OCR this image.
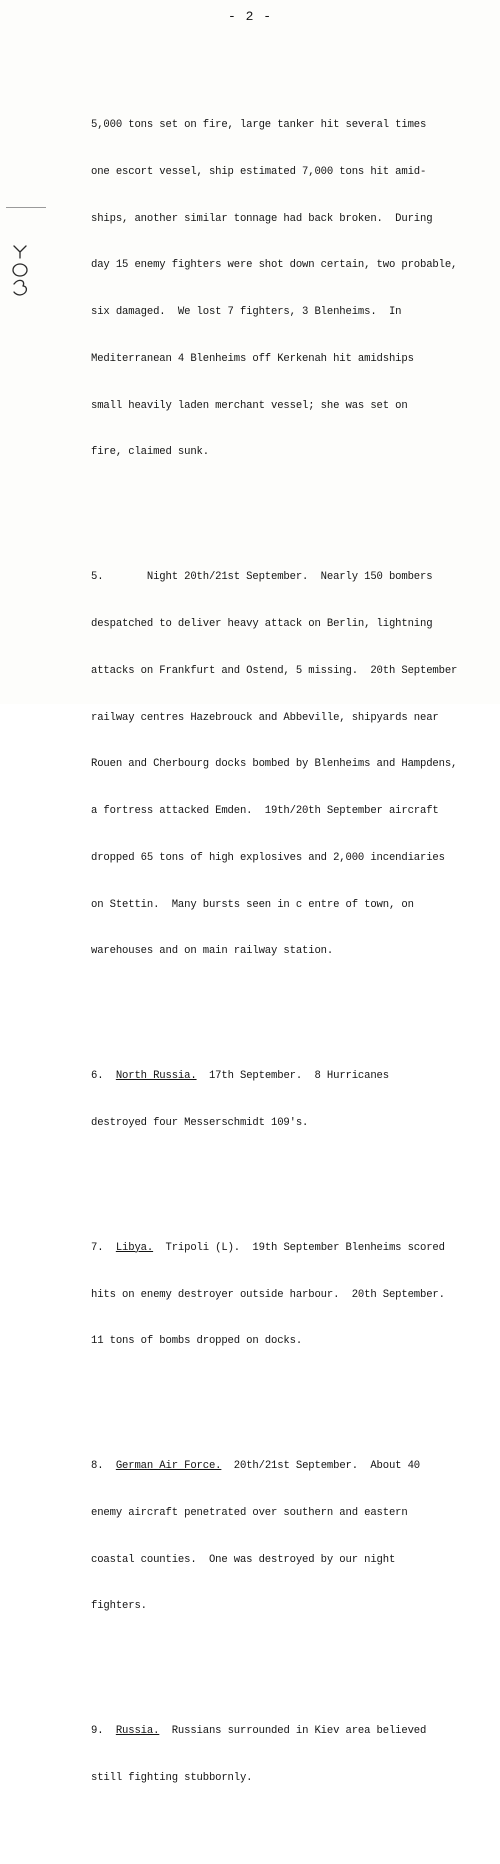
- 2 -

5,000 tons set on fire, large tanker hit several times

one escort vessel, ship estimated 7,000 tons hit amid-

ships, another similar tonnage had back broken.  During

day 15 enemy fighters were shot down certain, two probable,

six damaged.  We lost 7 fighters, 3 Blenheims.  In

Mediterranean 4 Blenheims off Kerkenah hit amidships

small heavily laden merchant vessel; she was set on

fire, claimed sunk.

5.       Night 20th/21st September.  Nearly 150 bombers

despatched to deliver heavy attack on Berlin, lightning

attacks on Frankfurt and Ostend, 5 missing.  20th September

railway centres Hazebrouck and Abbeville, shipyards near

Rouen and Cherbourg docks bombed by Blenheims and Hampdens,

a fortress attacked Emden.  19th/20th September aircraft

dropped 65 tons of high explosives and 2,000 incendiaries

on Stettin.  Many bursts seen in c entre of town, on

warehouses and on main railway station.

6. North Russia.  17th September.  8 Hurricanes

destroyed four Messerschmidt 109's.

7. Libya.  Tripoli (L).  19th September Blenheims scored

hits on enemy destroyer outside harbour.  20th September.

11 tons of bombs dropped on docks.

8. German Air Force.  20th/21st September.  About 40

enemy aircraft penetrated over southern and eastern

coastal counties.  One was destroyed by our night

fighters.

9. Russia.  Russians surrounded in Kiev area believed

still fighting stubbornly.
